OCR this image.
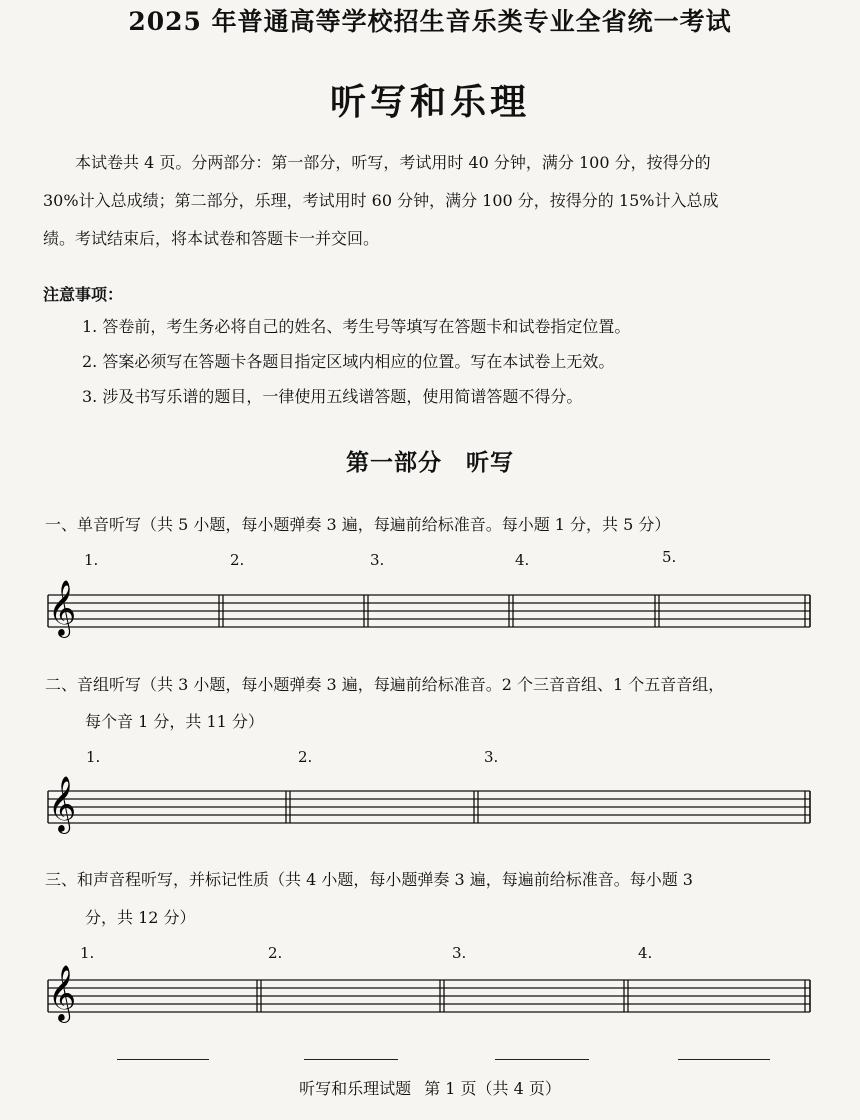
2025 年普通高等学校招生音乐类专业全省统一考试
听写和乐理
本试卷共 4 页。分两部分：第一部分，听写，考试用时 40 分钟，满分 100 分，按得分的
30%计入总成绩；第二部分，乐理，考试用时 60 分钟，满分 100 分，按得分的 15%计入总成
绩。考试结束后，将本试卷和答题卡一并交回。

注意事项：

1. 答卷前，考生务必将自己的姓名、考生号等填写在答题卡和试卷指定位置。

2. 答案必须写在答题卡各题目指定区域内相应的位置。写在本试卷上无效。

3. 涉及书写乐谱的题目，一律使用五线谱答题，使用简谱答题不得分。

第一部分　听写

一、单音听写（共 5 小题，每小题弹奏 3 遍，每遍前给标准音。每小题 1 分，共 5 分）

1.	2.	3.	4.	5.
𝄞

二、音组听写（共 3 小题，每小题弹奏 3 遍，每遍前给标准音。2 个三音音组、1 个五音音组，

每个音 1 分，共 11 分）

1.	2.	3.
𝄞

三、和声音程听写，并标记性质（共 4 小题，每小题弹奏 3 遍，每遍前给标准音。每小题 3

分，共 12 分）

1.	2.	3.	4.
𝄞

听写和乐理试题 第 1 页（共 4 页）
